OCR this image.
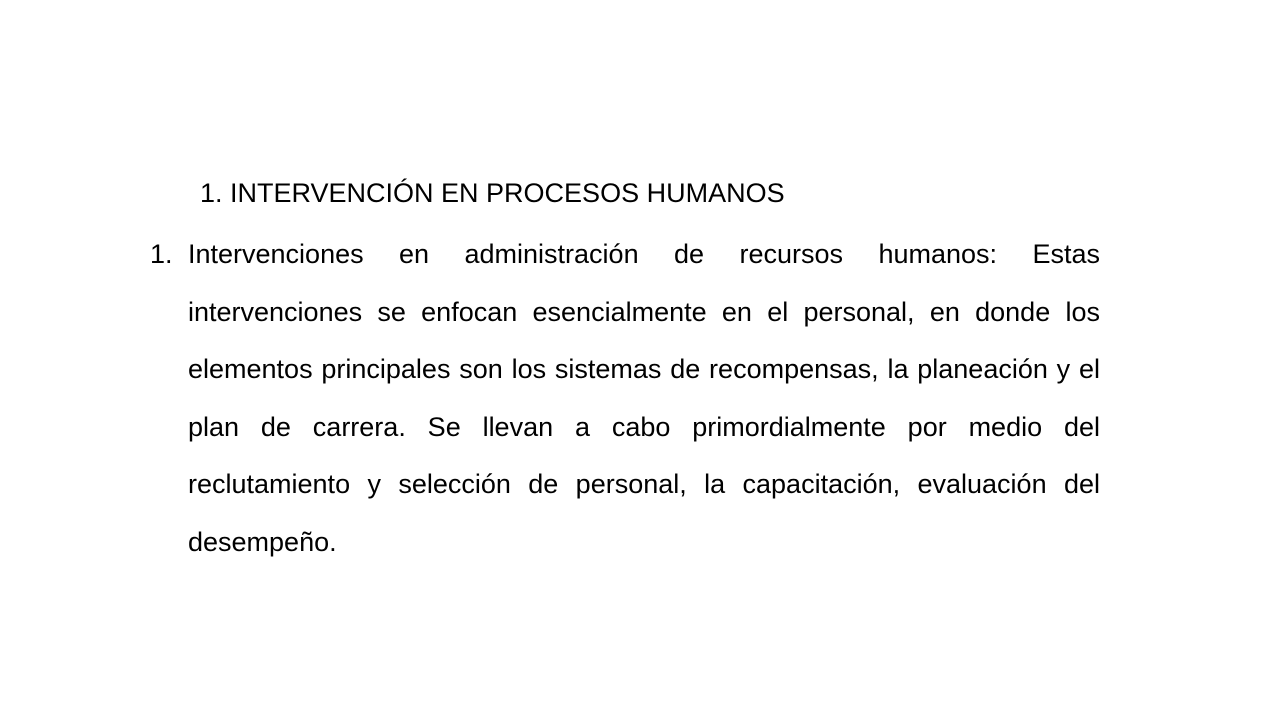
1. INTERVENCIÓN EN PROCESOS HUMANOS
1. Intervenciones en administración de recursos humanos: Estas intervenciones se enfocan esencialmente en el personal, en donde los elementos principales son los sistemas de recompensas, la planeación y el plan de carrera. Se llevan a cabo primordialmente por medio del reclutamiento y selección de personal, la capacitación, evaluación del desempeño.
